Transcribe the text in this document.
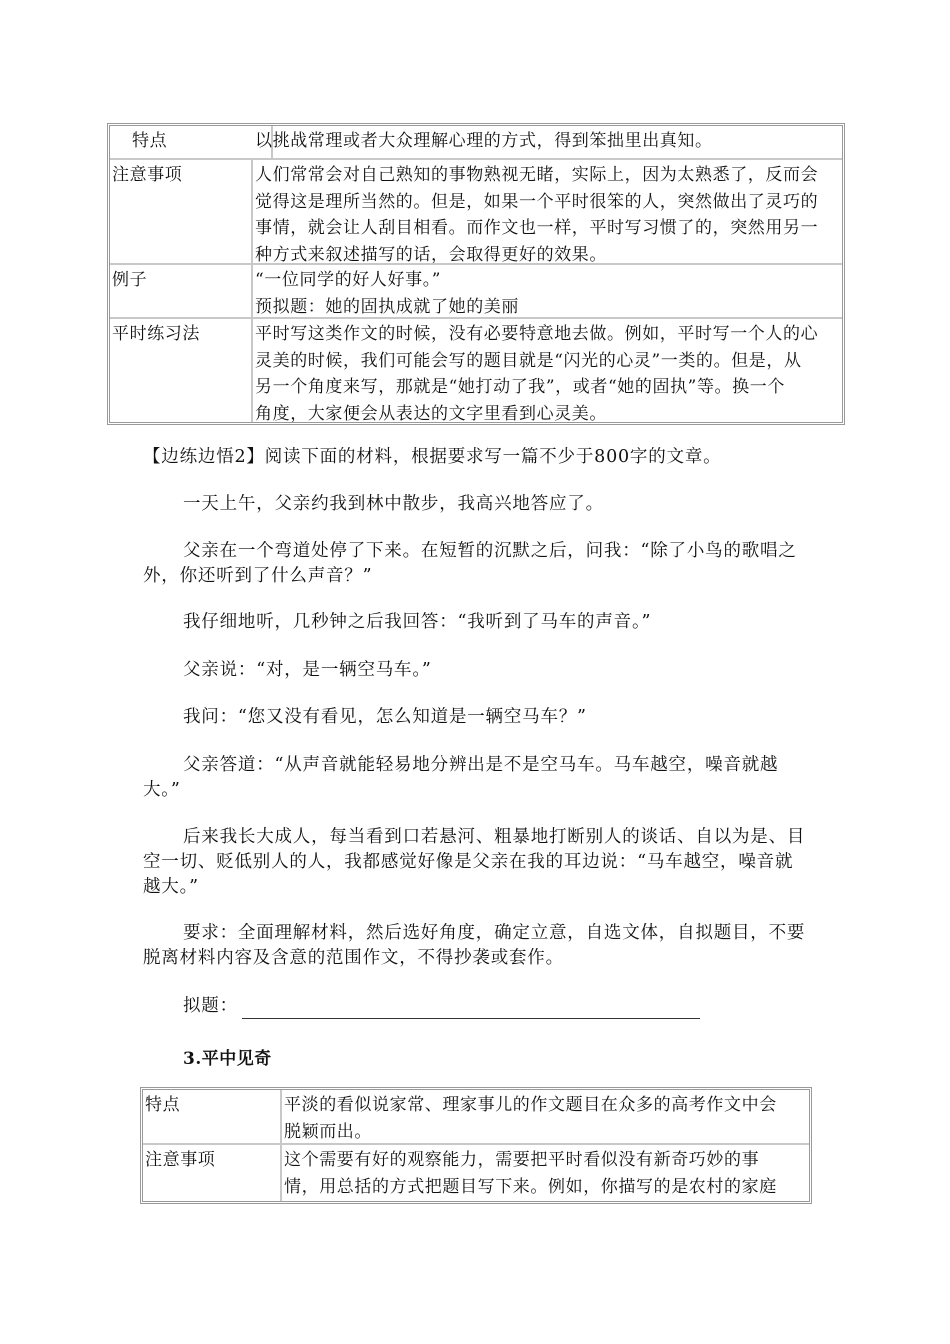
特点	以挑战常理或者大众理解心理的方式，得到笨拙里出真知。
注意事项	人们常常会对自己熟知的事物熟视无睹，实际上，因为太熟悉了，反而会
觉得这是理所当然的。但是，如果一个平时很笨的人，突然做出了灵巧的
事情，就会让人刮目相看。而作文也一样，平时写习惯了的，突然用另一
种方式来叙述描写的话，会取得更好的效果。
例子	“一位同学的好人好事。”
预拟题：她的固执成就了她的美丽
平时练习法	平时写这类作文的时候，没有必要特意地去做。例如，平时写一个人的心
灵美的时候，我们可能会写的题目就是“闪光的心灵”一类的。但是，从
另一个角度来写，那就是“她打动了我”，或者“她的固执”等。换一个
角度，大家便会从表达的文字里看到心灵美。

【边练边悟2】阅读下面的材料，根据要求写一篇不少于800字的文章。

一天上午，父亲约我到林中散步，我高兴地答应了。

父亲在一个弯道处停了下来。在短暂的沉默之后，问我：“除了小鸟的歌唱之外，你还听到了什么声音？”

我仔细地听，几秒钟之后我回答：“我听到了马车的声音。”

父亲说：“对，是一辆空马车。”

我问：“您又没有看见，怎么知道是一辆空马车？”

父亲答道：“从声音就能轻易地分辨出是不是空马车。马车越空，噪音就越大。”

后来我长大成人，每当看到口若悬河、粗暴地打断别人的谈话、自以为是、目空一切、贬低别人的人，我都感觉好像是父亲在我的耳边说：“马车越空，噪音就越大。”

要求：全面理解材料，然后选好角度，确定立意，自选文体，自拟题目，不要脱离材料内容及含意的范围作文，不得抄袭或套作。

拟题：

3.平中见奇

特点	平淡的看似说家常、理家事儿的作文题目在众多的高考作文中会
脱颖而出。
注意事项	这个需要有好的观察能力，需要把平时看似没有新奇巧妙的事
情，用总括的方式把题目写下来。例如，你描写的是农村的家庭
